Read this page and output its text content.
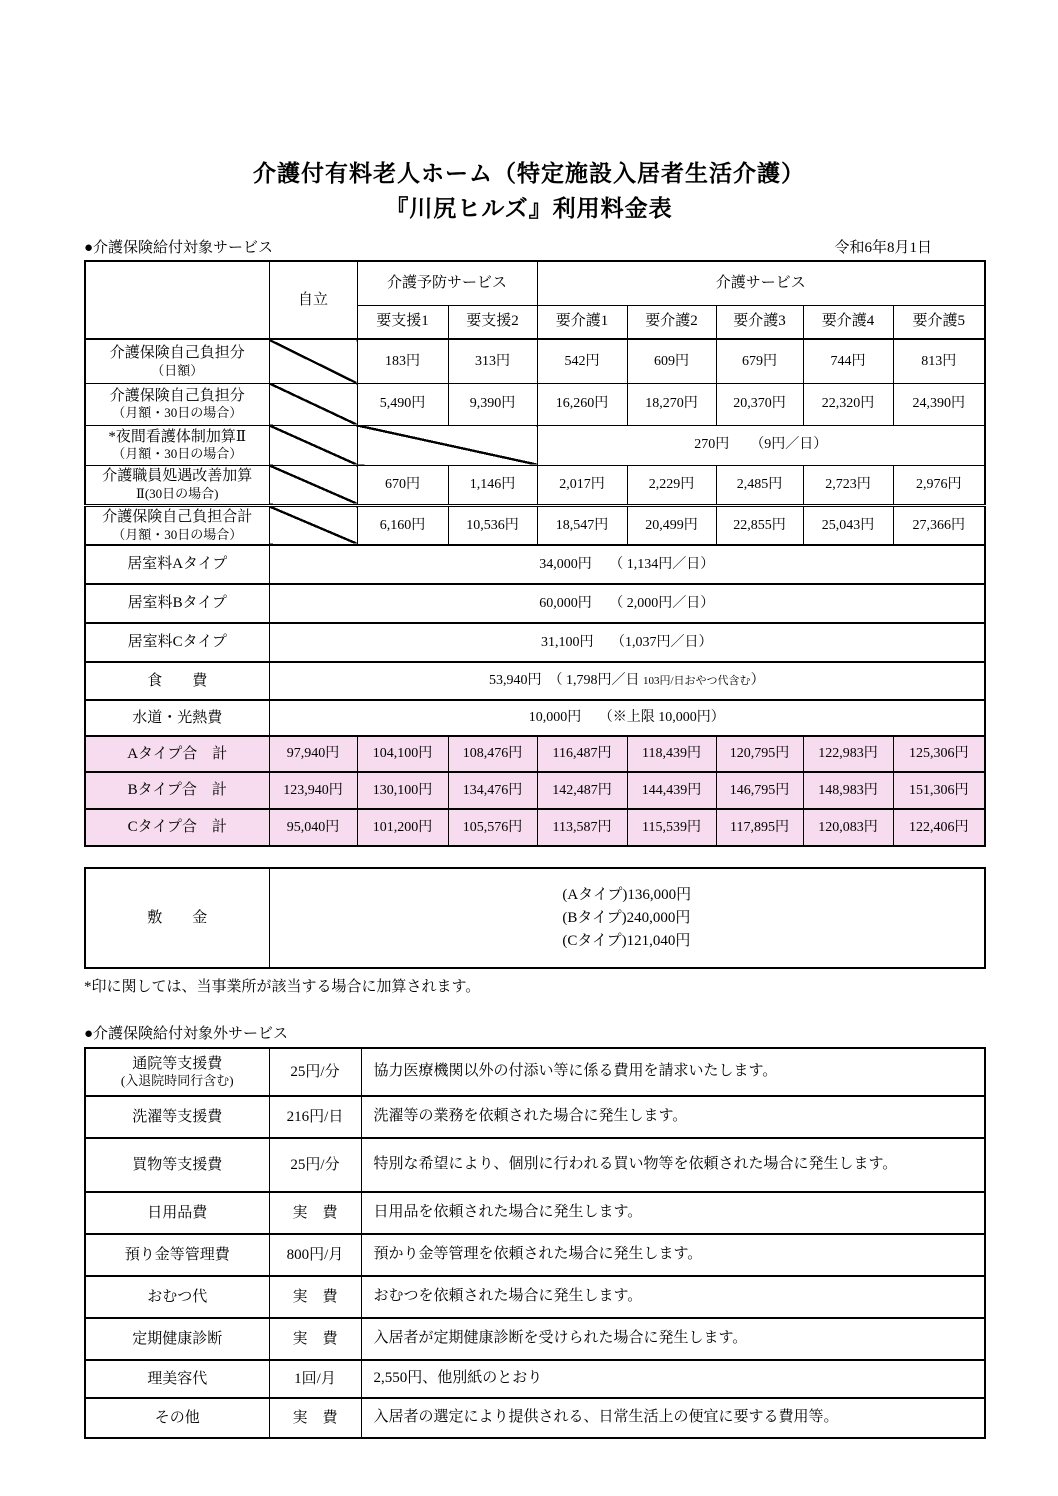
介護付有料老人ホーム（特定施設入居者生活介護）
『川尻ヒルズ』利用料金表
●介護保険給付対象サービス	令和6年8月1日
	自立	介護予防サービス		介護サービス				
		要支援1	要支援2	要介護1	要介護2	要介護3	要介護4	要介護5

介護保険自己負担分
（日額）		183円	313円	542円	609円	679円	744円	813円

介護保険自己負担分
（月額・30日の場合）		5,490円	9,390円	16,260円	18,270円	20,370円	22,320円	24,390円

*夜間看護体制加算Ⅱ
（月額・30日の場合）				270円　　（9円／日）				

介護職員処遇改善加算
Ⅱ(30日の場合)		670円	1,146円	2,017円	2,229円	2,485円	2,723円	2,976円

介護保険自己負担合計
（月額・30日の場合）		6,160円	10,536円	18,547円	20,499円	22,855円	25,043円	27,366円
居室料Aタイプ	34,000円　 （ 1,134円／日）							
居室料Bタイプ	60,000円　 （ 2,000円／日）							
居室料Cタイプ	31,100円　 （1,037円／日）							
食　　費	53,940円　（ 1,798円／日 103円/日おやつ代含む）							
水道・光熱費	10,000円　 （※上限 10,000円）							
Aタイプ合　計	97,940円	104,100円	108,476円	116,487円	118,439円	120,795円	122,983円	125,306円
Bタイプ合　計	123,940円	130,100円	134,476円	142,487円	144,439円	146,795円	148,983円	151,306円
Cタイプ合　計	95,040円	101,200円	105,576円	113,587円	115,539円	117,895円	120,083円	122,406円
敷　　金	
(Aタイプ)136,000円
(Bタイプ)240,000円
(Cタイプ)121,040円
*印に関しては、当事業所が該当する場合に加算されます。
●介護保険給付対象外サービス
通院等支援費
(入退院時同行含む)	25円/分	協力医療機関以外の付添い等に係る費用を請求いたします。
洗濯等支援費	216円/日	洗濯等の業務を依頼された場合に発生します。
買物等支援費	25円/分	特別な希望により、個別に行われる買い物等を依頼された場合に発生します。
日用品費	実　費	日用品を依頼された場合に発生します。
預り金等管理費	800円/月	預かり金等管理を依頼された場合に発生します。
おむつ代	実　費	おむつを依頼された場合に発生します。
定期健康診断	実　費	入居者が定期健康診断を受けられた場合に発生します。
理美容代	1回/月	2,550円、他別紙のとおり
その他	実　費	入居者の選定により提供される、日常生活上の便宜に要する費用等。
